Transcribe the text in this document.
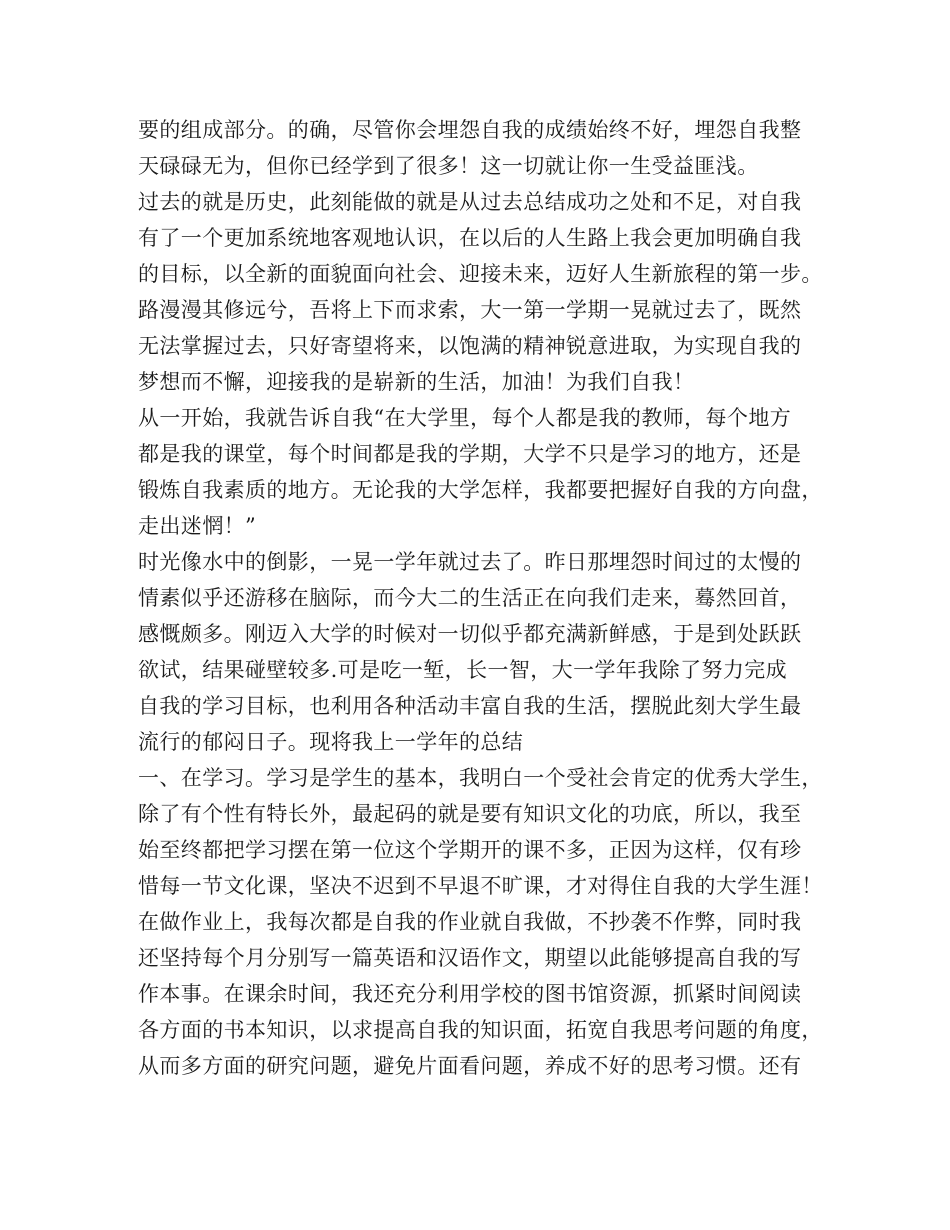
要的组成部分。的确，尽管你会埋怨自我的成绩始终不好，埋怨自我整
天碌碌无为，但你已经学到了很多！这一切就让你一生受益匪浅。
过去的就是历史，此刻能做的就是从过去总结成功之处和不足，对自我
有了一个更加系统地客观地认识，在以后的人生路上我会更加明确自我
的目标，以全新的面貌面向社会、迎接未来，迈好人生新旅程的第一步。
路漫漫其修远兮，吾将上下而求索，大一第一学期一晃就过去了，既然
无法掌握过去，只好寄望将来，以饱满的精神锐意进取，为实现自我的
梦想而不懈，迎接我的是崭新的生活，加油！为我们自我！
从一开始，我就告诉自我“在大学里，每个人都是我的教师，每个地方
都是我的课堂，每个时间都是我的学期，大学不只是学习的地方，还是
锻炼自我素质的地方。无论我的大学怎样，我都要把握好自我的方向盘，
走出迷惘！”
时光像水中的倒影，一晃一学年就过去了。昨日那埋怨时间过的太慢的
情素似乎还游移在脑际，而今大二的生活正在向我们走来，蓦然回首，
感慨颇多。刚迈入大学的时候对一切似乎都充满新鲜感，于是到处跃跃
欲试，结果碰壁较多.可是吃一堑，长一智，大一学年我除了努力完成
自我的学习目标，也利用各种活动丰富自我的生活，摆脱此刻大学生最
流行的郁闷日子。现将我上一学年的总结
一、在学习。学习是学生的基本，我明白一个受社会肯定的优秀大学生，
除了有个性有特长外，最起码的就是要有知识文化的功底，所以，我至
始至终都把学习摆在第一位这个学期开的课不多，正因为这样，仅有珍
惜每一节文化课，坚决不迟到不早退不旷课，才对得住自我的大学生涯！
在做作业上，我每次都是自我的作业就自我做，不抄袭不作弊，同时我
还坚持每个月分别写一篇英语和汉语作文，期望以此能够提高自我的写
作本事。在课余时间，我还充分利用学校的图书馆资源，抓紧时间阅读
各方面的书本知识，以求提高自我的知识面，拓宽自我思考问题的角度，
从而多方面的研究问题，避免片面看问题，养成不好的思考习惯。还有
